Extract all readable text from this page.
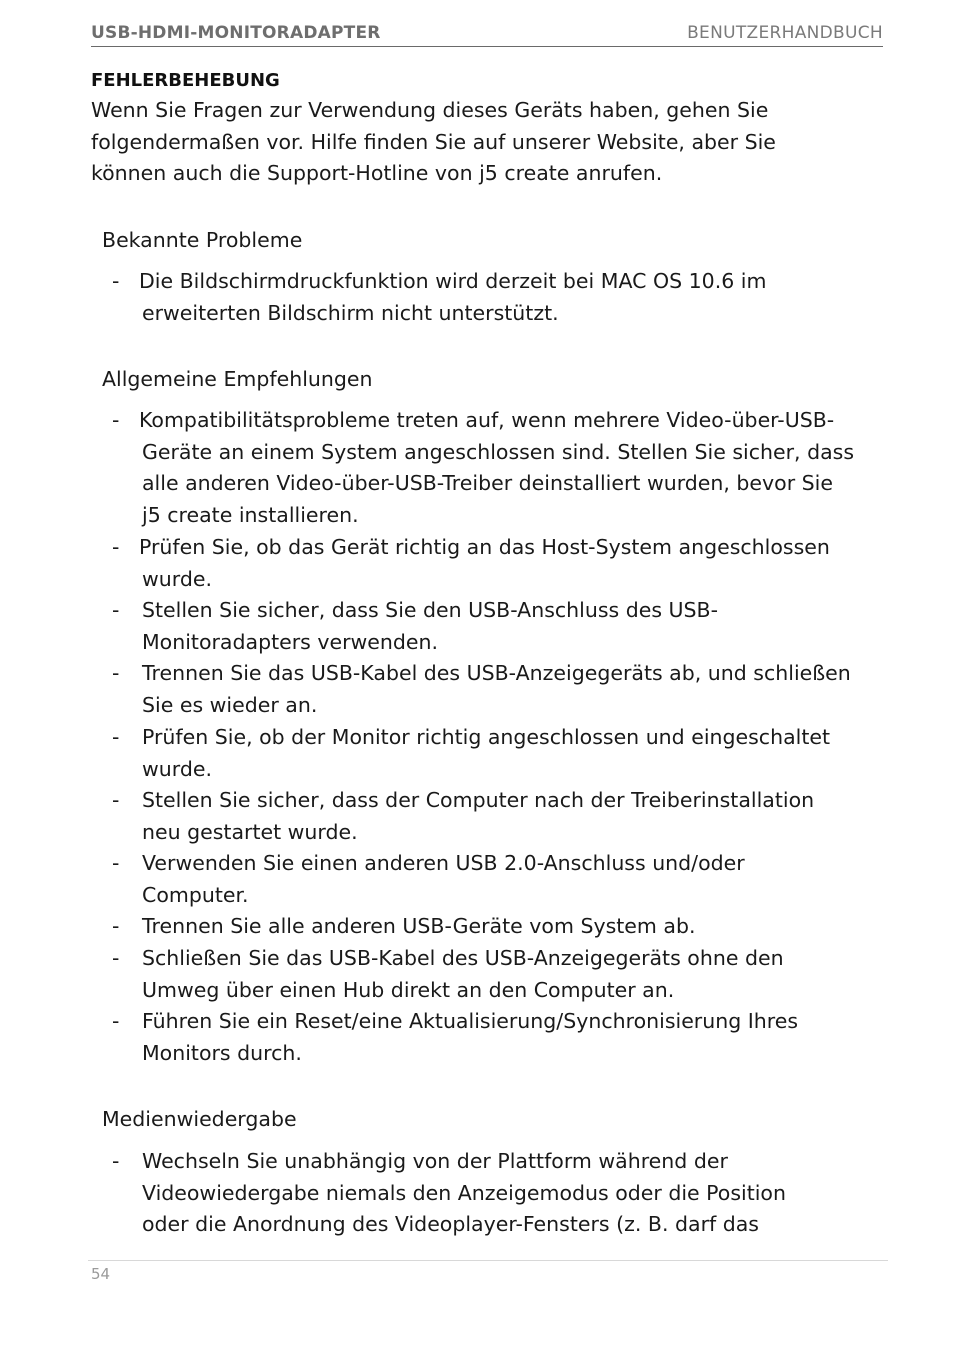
USB-HDMI-MONITORADAPTER	BENUTZERHANDBUCH
FEHLERBEHEBUNG
Wenn Sie Fragen zur Verwendung dieses Geräts haben, gehen Sie
folgendermaßen vor. Hilfe finden Sie auf unserer Website, aber Sie
können auch die Support-Hotline von j5 create anrufen.
Bekannte Probleme
- Die Bildschirmdruckfunktion wird derzeit bei MAC OS 10.6 im
erweiterten Bildschirm nicht unterstützt.
Allgemeine Empfehlungen
- Kompatibilitätsprobleme treten auf, wenn mehrere Video-über-USB-
Geräte an einem System angeschlossen sind. Stellen Sie sicher, dass
alle anderen Video-über-USB-Treiber deinstalliert wurden, bevor Sie
j5 create installieren.
- Prüfen Sie, ob das Gerät richtig an das Host-System angeschlossen
wurde.
-	Stellen Sie sicher, dass Sie den USB-Anschluss des USB-
Monitoradapters verwenden.
-	Trennen Sie das USB-Kabel des USB-Anzeigegeräts ab, und schließen
Sie es wieder an.
-	Prüfen Sie, ob der Monitor richtig angeschlossen und eingeschaltet
wurde.
-	Stellen Sie sicher, dass der Computer nach der Treiberinstallation
neu gestartet wurde.
-	Verwenden Sie einen anderen USB 2.0-Anschluss und/oder
Computer.
-	Trennen Sie alle anderen USB-Geräte vom System ab.
-	Schließen Sie das USB-Kabel des USB-Anzeigegeräts ohne den
Umweg über einen Hub direkt an den Computer an.
-	Führen Sie ein Reset/eine Aktualisierung/Synchronisierung Ihres
Monitors durch.
Medienwiedergabe
-	Wechseln Sie unabhängig von der Plattform während der
Videowiedergabe niemals den Anzeigemodus oder die Position
oder die Anordnung des Videoplayer-Fensters (z. B. darf das
54
